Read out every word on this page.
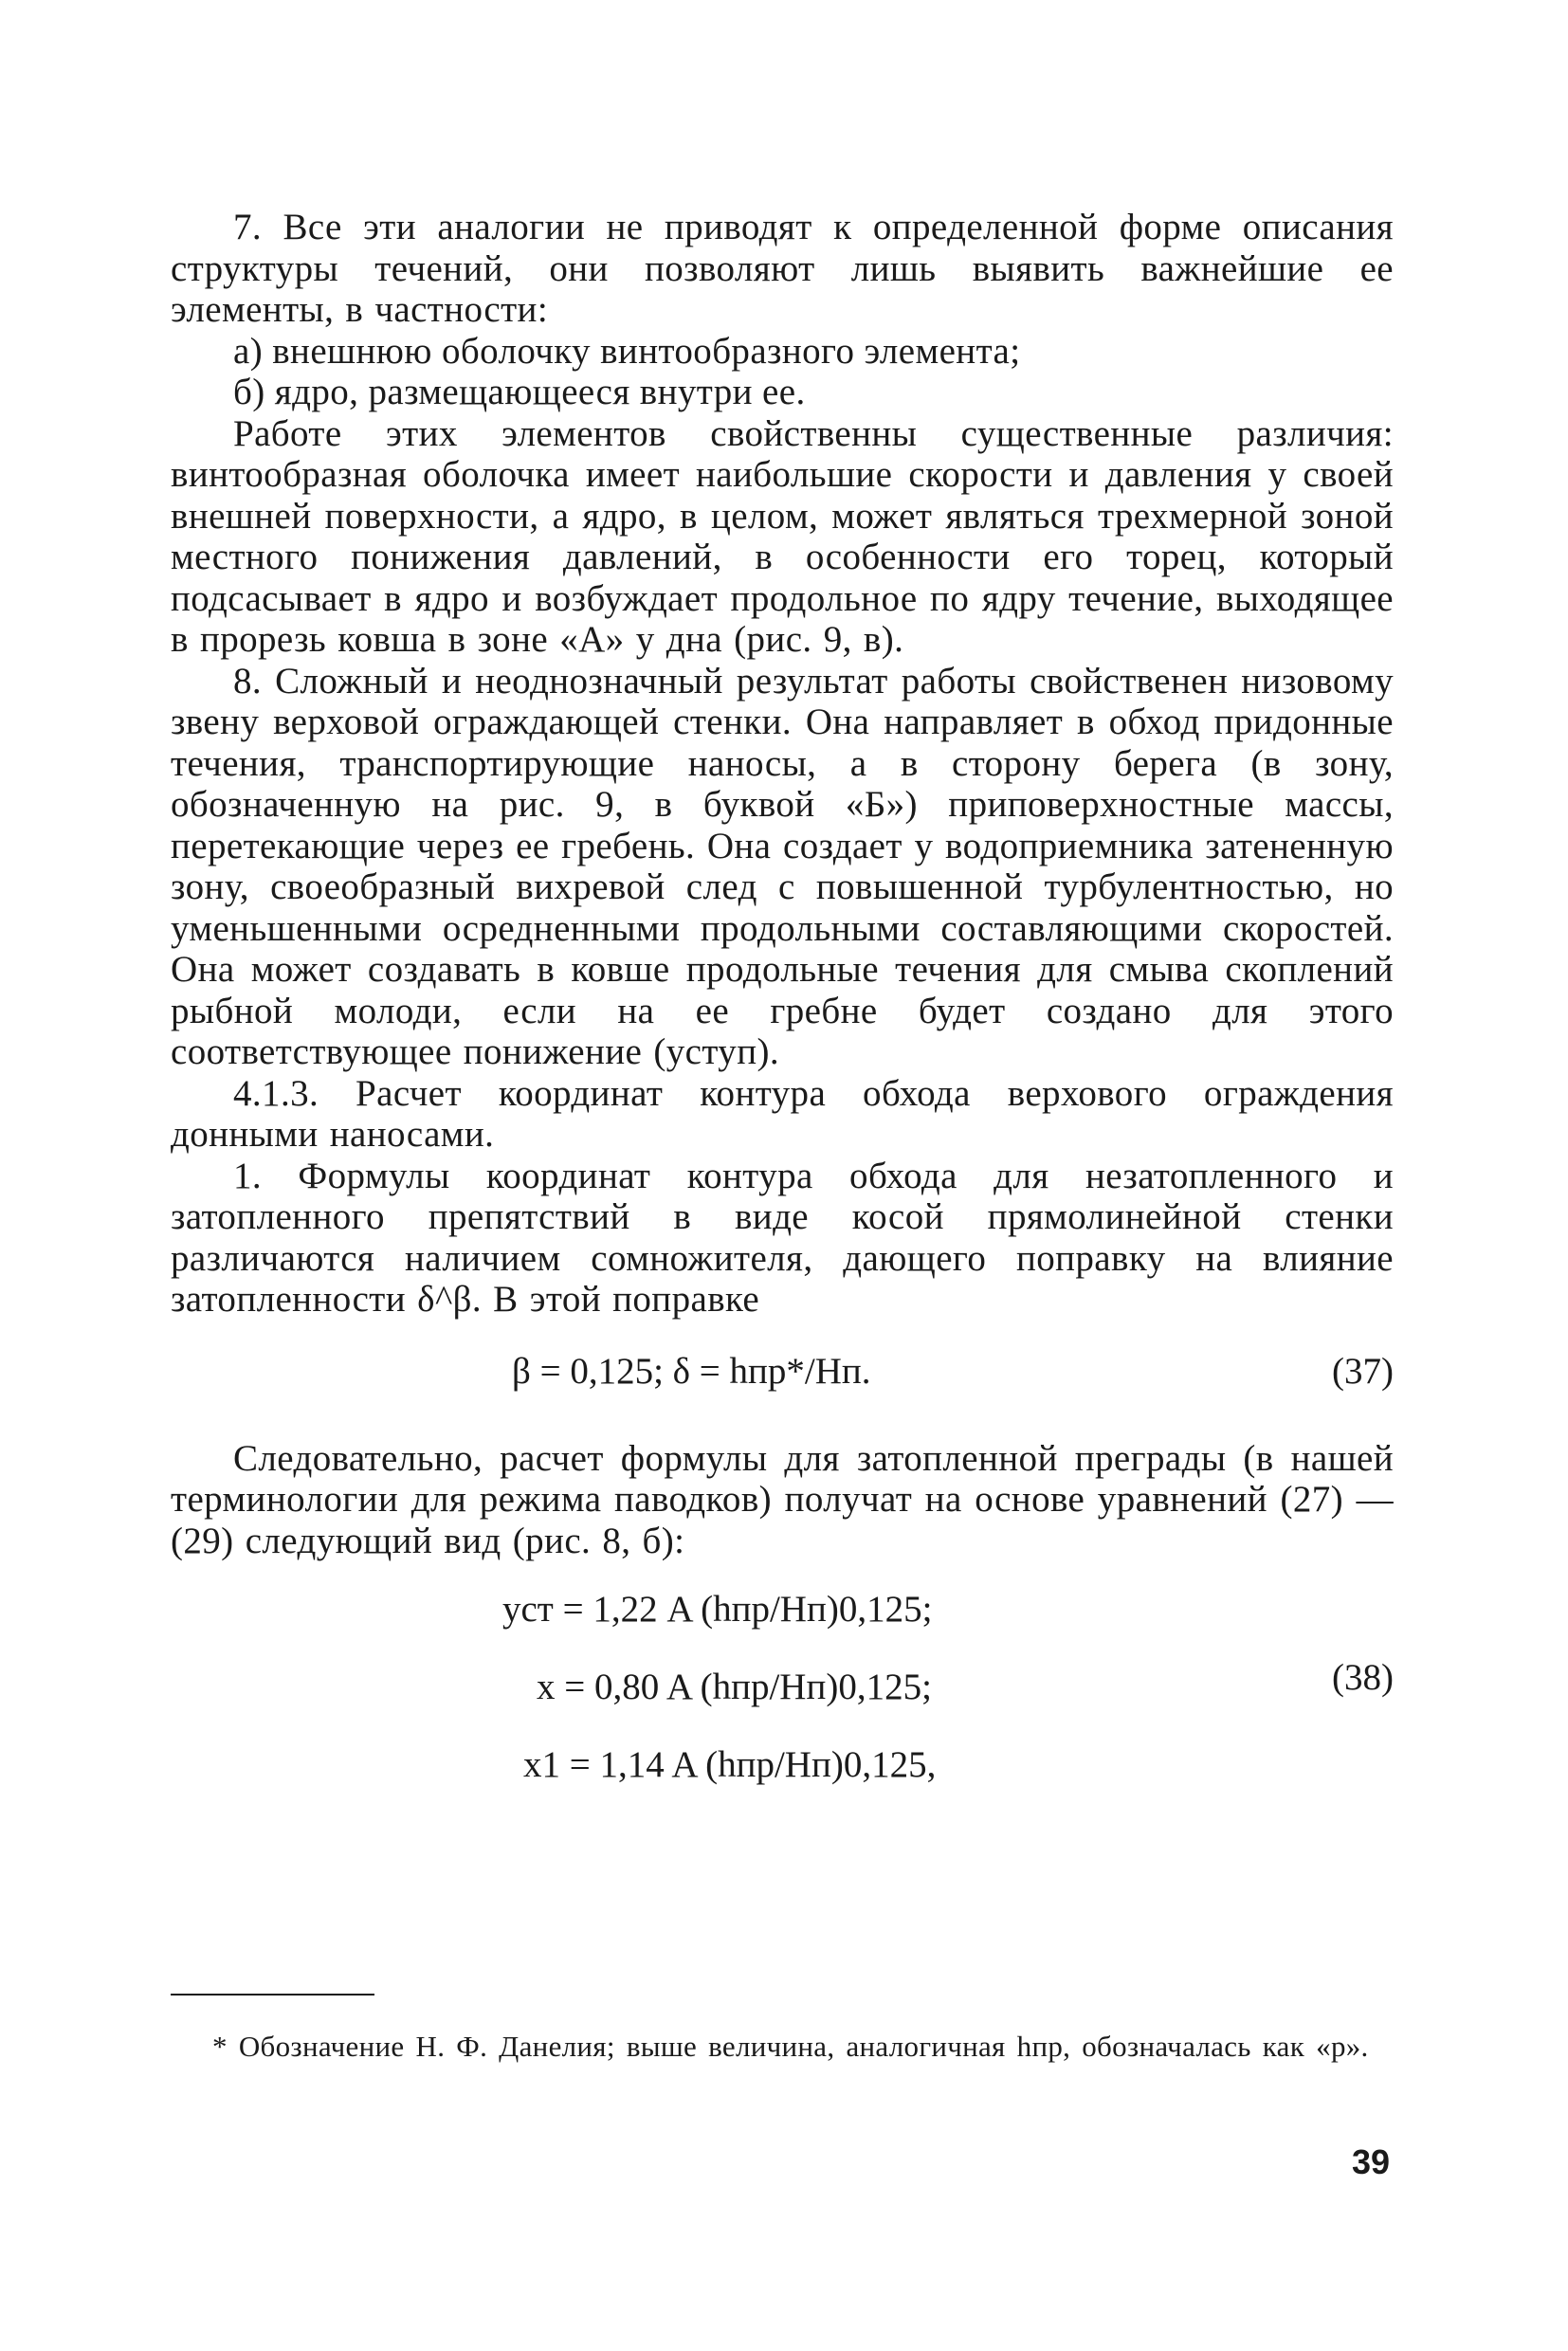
7. Все эти аналогии не приводят к определенной форме описания структуры течений, они позволяют лишь выявить важнейшие ее элементы, в частности:

а) внешнюю оболочку винтообразного элемента;

б) ядро, размещающееся внутри ее.

Работе этих элементов свойственны существенные различия: винтообразная оболочка имеет наибольшие скорости и давления у своей внешней поверхности, а ядро, в целом, может являться трехмерной зоной местного понижения давлений, в особенности его торец, который подсасывает в ядро и возбуждает продольное по ядру течение, выходящее в прорезь ковша в зоне «А» у дна (рис. 9, в).

8. Сложный и неоднозначный результат работы свойственен низовому звену верховой ограждающей стенки. Она направляет в обход придонные течения, транспортирующие наносы, а в сторону берега (в зону, обозначенную на рис. 9, в буквой «Б») приповерхностные массы, перетекающие через ее гребень. Она создает у водоприемника затененную зону, своеобразный вихревой след с повышенной турбулентностью, но уменьшенными осредненными продольными составляющими скоростей. Она может создавать в ковше продольные течения для смыва скоплений рыбной молоди, если на ее гребне будет создано для этого соответствующее понижение (уступ).

4.1.3. Расчет координат контура обхода верхового ограждения донными наносами.

1. Формулы координат контура обхода для незатопленного и затопленного препятствий в виде косой прямолинейной стенки различаются наличием сомножителя, дающего поправку на влияние затопленности δ^β. В этой поправке

β = 0,125; δ = hпр*/Hп.	(37)

Следовательно, расчет формулы для затопленной преграды (в нашей терминологии для режима паводков) получат на основе уравнений (27) — (29) следующий вид (рис. 8, б):

yст = 1,22 A (hпр/Hп)0,125;
x = 0,80 A (hпр/Hп)0,125;
x1 = 1,14 A (hпр/Hп)0,125,
(38)

* Обозначение Н. Ф. Данелия; выше величина, аналогичная hпр, обозначалась как «p».

39
